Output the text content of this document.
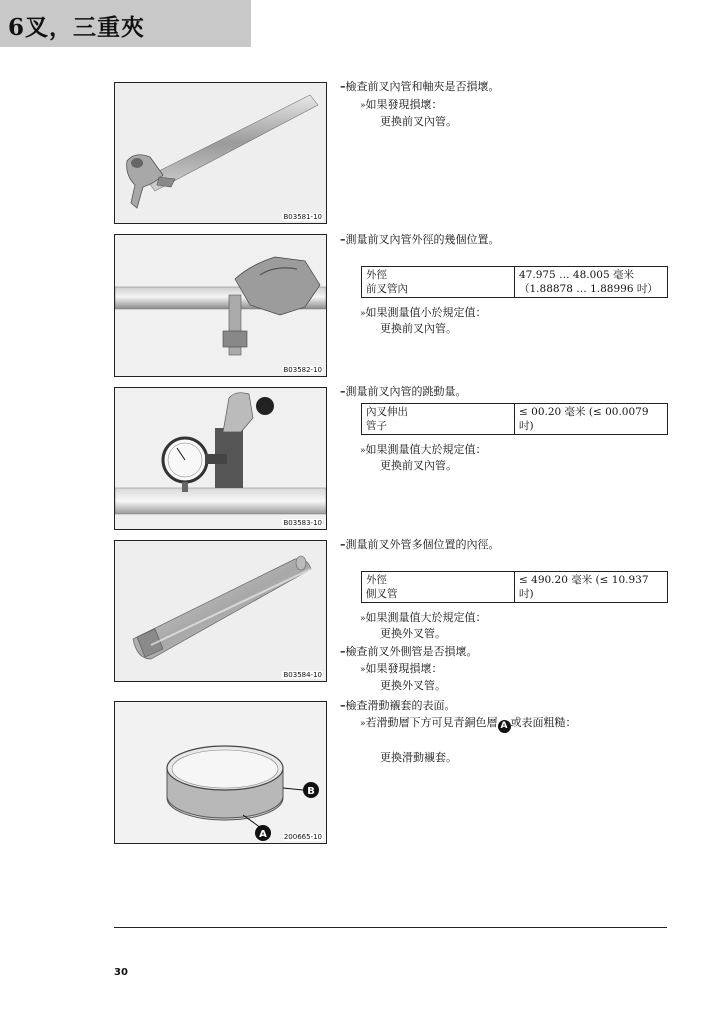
6叉，三重夾
B03581-10
–檢查前叉內管和軸夾是否損壞。
»如果發現損壞：
更換前叉內管。
B03582-10
–測量前叉內管外徑的幾個位置。
外徑
前叉管內	47.975 … 48.005 毫米
（1.88878 … 1.88996 吋）
»如果測量值小於規定值：
更換前叉內管。
B03583-10
–測量前叉內管的跳動量。
內叉伸出
管子	≤ 00.20 毫米 (≤ 00.0079 吋)
»如果測量值大於規定值：
更換前叉內管。
B03584-10
–測量前叉外管多個位置的內徑。
外徑
側叉管	≤ 490.20 毫米 (≤ 10.937 吋)
»如果測量值大於規定值：
更換外叉管。
–檢查前叉外側管是否損壞。
»如果發現損壞：
更換外叉管。
B
A 200665-10
–檢查滑動襯套的表面。
»若滑動層下方可見青銅色層 A 或表面粗糙：
更換滑動襯套。
30
